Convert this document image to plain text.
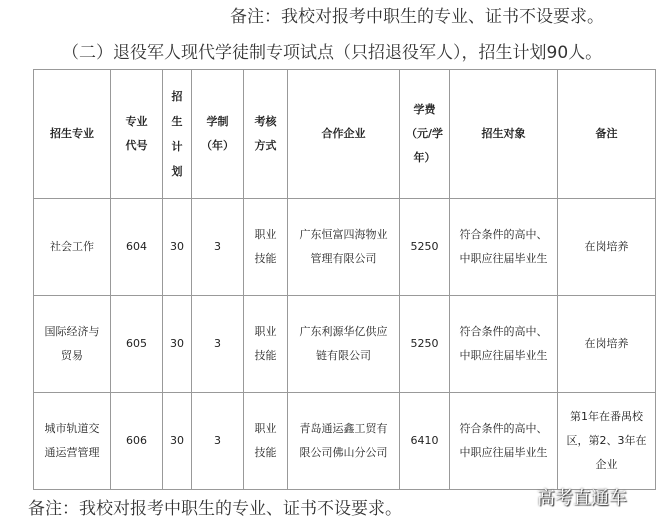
备注：我校对报考中职生的专业、证书不设要求。
（二）退役军人现代学徒制专项试点（只招退役军人），招生计划90人。
招生专业	专业代号	招生计划	学制（年）	考核方式	合作企业	学费（元/学年）	招生对象	备注
社会工作	604	30	3	职业技能	广东恒富四海物业管理有限公司	5250	符合条件的高中、中职应往届毕业生	在岗培养
国际经济与贸易	605	30	3	职业技能	广东利源华亿供应链有限公司	5250	符合条件的高中、中职应往届毕业生	在岗培养
城市轨道交通运营管理	606	30	3	职业技能	青岛通运鑫工贸有限公司佛山分公司	6410	符合条件的高中、中职应往届毕业生	第1年在番禺校区，第2、3年在企业
备注：我校对报考中职生的专业、证书不设要求。	高考直通车
